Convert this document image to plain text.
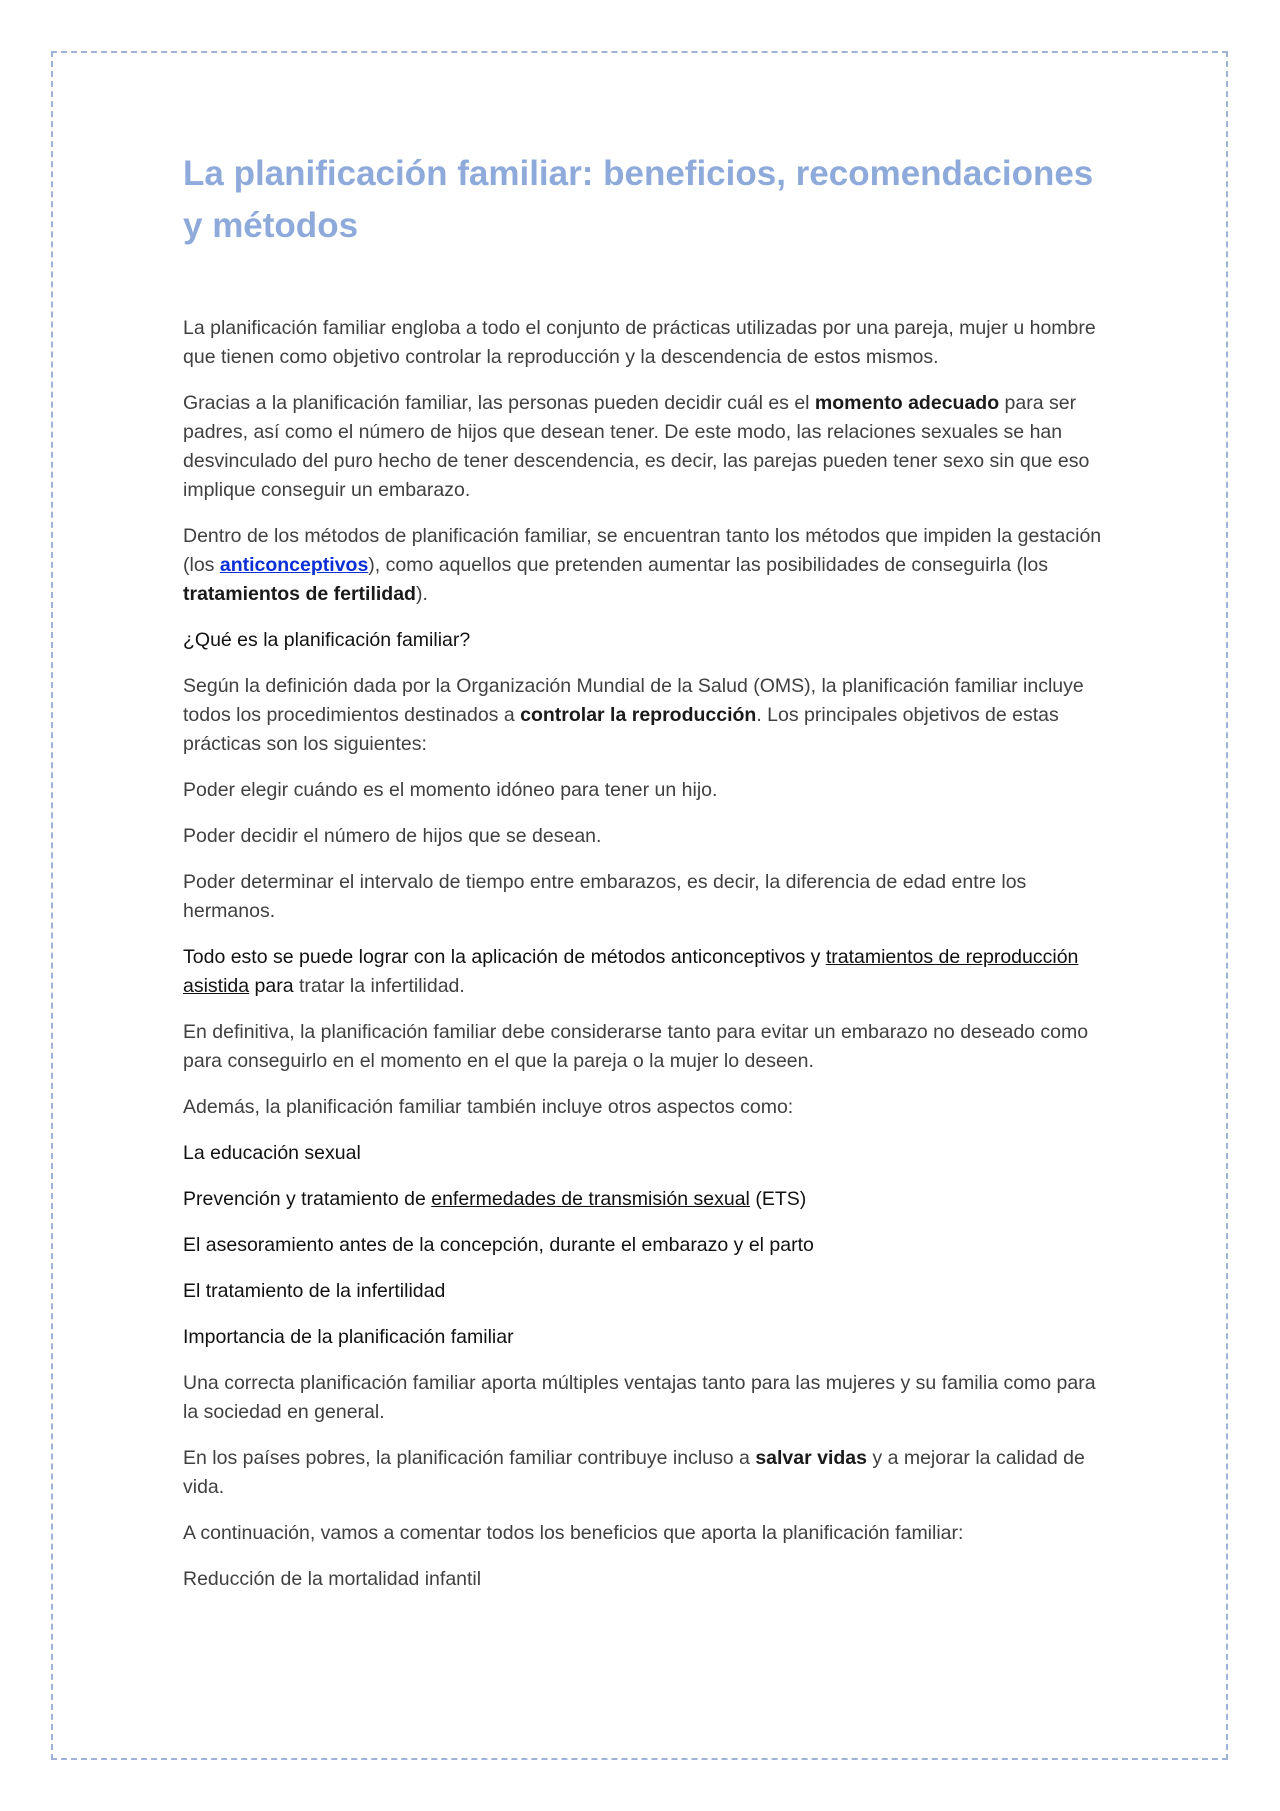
La planificación familiar: beneficios, recomendaciones y métodos

La planificación familiar engloba a todo el conjunto de prácticas utilizadas por una pareja, mujer u hombre que tienen como objetivo controlar la reproducción y la descendencia de estos mismos.

Gracias a la planificación familiar, las personas pueden decidir cuál es el momento adecuado para ser padres, así como el número de hijos que desean tener. De este modo, las relaciones sexuales se han desvinculado del puro hecho de tener descendencia, es decir, las parejas pueden tener sexo sin que eso implique conseguir un embarazo.

Dentro de los métodos de planificación familiar, se encuentran tanto los métodos que impiden la gestación (los anticonceptivos), como aquellos que pretenden aumentar las posibilidades de conseguirla (los tratamientos de fertilidad).

¿Qué es la planificación familiar?

Según la definición dada por la Organización Mundial de la Salud (OMS), la planificación familiar incluye todos los procedimientos destinados a controlar la reproducción. Los principales objetivos de estas prácticas son los siguientes:

Poder elegir cuándo es el momento idóneo para tener un hijo.

Poder decidir el número de hijos que se desean.

Poder determinar el intervalo de tiempo entre embarazos, es decir, la diferencia de edad entre los hermanos.

Todo esto se puede lograr con la aplicación de métodos anticonceptivos y tratamientos de reproducción asistida para tratar la infertilidad.

En definitiva, la planificación familiar debe considerarse tanto para evitar un embarazo no deseado como para conseguirlo en el momento en el que la pareja o la mujer lo deseen.

Además, la planificación familiar también incluye otros aspectos como:

La educación sexual

Prevención y tratamiento de enfermedades de transmisión sexual (ETS)

El asesoramiento antes de la concepción, durante el embarazo y el parto

El tratamiento de la infertilidad

Importancia de la planificación familiar

Una correcta planificación familiar aporta múltiples ventajas tanto para las mujeres y su familia como para la sociedad en general.

En los países pobres, la planificación familiar contribuye incluso a salvar vidas y a mejorar la calidad de vida.

A continuación, vamos a comentar todos los beneficios que aporta la planificación familiar:

Reducción de la mortalidad infantil
